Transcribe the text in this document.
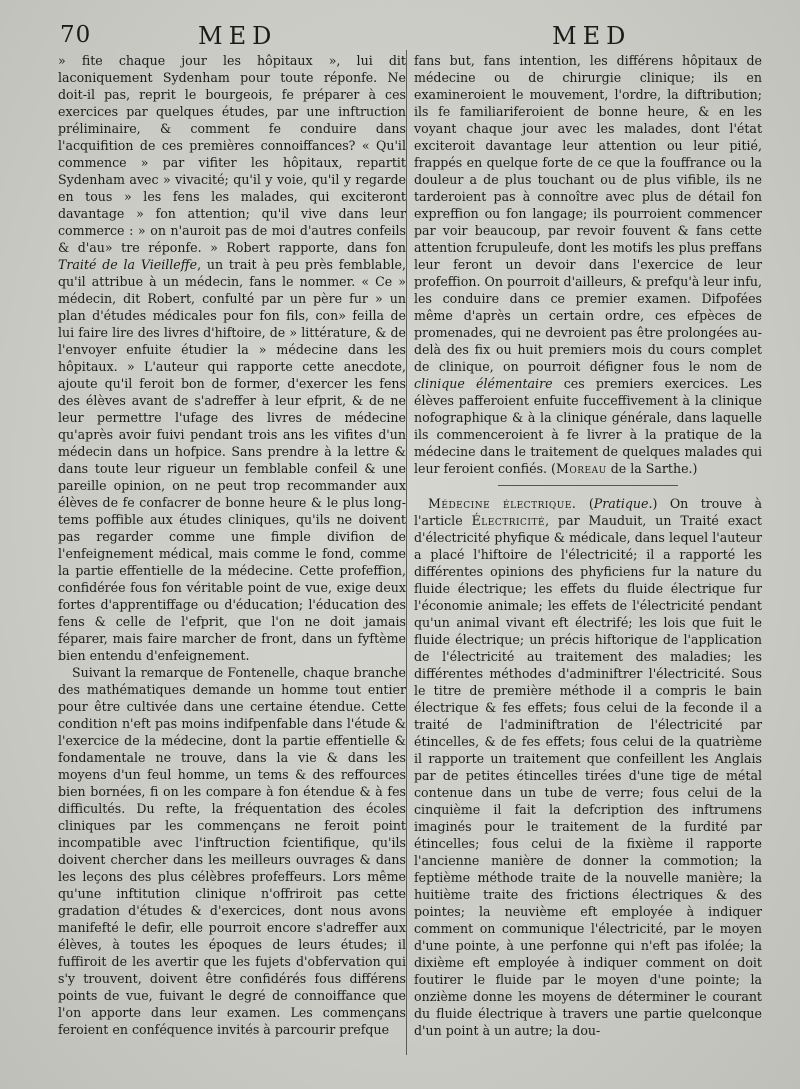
70	MED	MED

» fite chaque jour les hôpitaux », lui dit laconiquement Sydenham pour toute réponfe. Ne doit-il pas, reprit le bourgeois, fe préparer à ces exercices par quelques études, par une inftruction préliminaire, & comment fe conduire dans l'acquifition de ces premières connoiffances? « Qu'il commence » par vifiter les hôpitaux, repartit Sydenham avec » vivacité; qu'il y voie, qu'il y regarde en tous » les fens les malades, qui exciteront davantage » fon attention; qu'il vive dans leur commerce : » on n'auroit pas de moi d'autres confeils & d'au» tre réponfe. » Robert rapporte, dans fon Traité de la Vieilleffe, un trait à peu près femblable, qu'il attribue à un médecin, fans le nommer. « Ce » médecin, dit Robert, confulté par un père fur » un plan d'études médicales pour fon fils, con» feilla de lui faire lire des livres d'hiftoire, de » littérature, & de l'envoyer enfuite étudier la » médecine dans les hôpitaux. » L'auteur qui rapporte cette anecdote, ajoute qu'il feroit bon de former, d'exercer les fens des élèves avant de s'adreffer à leur efprit, & de ne leur permettre l'ufage des livres de médecine qu'après avoir fuivi pendant trois ans les vifites d'un médecin dans un hofpice. Sans prendre à la lettre & dans toute leur rigueur un femblable confeil & une pareille opinion, on ne peut trop recommander aux élèves de fe confacrer de bonne heure & le plus long-tems poffible aux études cliniques, qu'ils ne doivent pas regarder comme une fimple divifion de l'enfeignement médical, mais comme le fond, comme la partie effentielle de la médecine. Cette profeffion, confidérée fous fon véritable point de vue, exige deux fortes d'apprentiffage ou d'éducation; l'éducation des fens & celle de l'efprit, que l'on ne doit jamais féparer, mais faire marcher de front, dans un fyftème bien entendu d'enfeignement.

Suivant la remarque de Fontenelle, chaque branche des mathématiques demande un homme tout entier pour être cultivée dans une certaine étendue. Cette condition n'eft pas moins indifpenfable dans l'étude & l'exercice de la médecine, dont la partie effentielle & fondamentale ne trouve, dans la vie & dans les moyens d'un feul homme, un tems & des reffources bien bornées, fi on les compare à fon étendue & à fes difficultés. Du refte, la fréquentation des écoles cliniques par les commençans ne feroit point incompatible avec l'inftruction fcientifique, qu'ils doivent chercher dans les meilleurs ouvrages & dans les leçons des plus célèbres profeffeurs. Lors même qu'une inftitution clinique n'offriroit pas cette gradation d'études & d'exercices, dont nous avons manifefté le defir, elle pourroit encore s'adreffer aux élèves, à toutes les époques de leurs études; il fuffiroit de les avertir que les fujets d'obfervation qui s'y trouvent, doivent être confidérés fous différens points de vue, fuivant le degré de connoiffance que l'on apporte dans leur examen. Les commençans feroient en conféquence invités à parcourir prefque

fans but, fans intention, les différens hôpitaux de médecine ou de chirurgie clinique; ils en examineroient le mouvement, l'ordre, la diftribution; ils fe familiariferoient de bonne heure, & en les voyant chaque jour avec les malades, dont l'état exciteroit davantage leur attention ou leur pitié, frappés en quelque forte de ce que la fouffrance ou la douleur a de plus touchant ou de plus vifible, ils ne tarderoient pas à connoître avec plus de détail fon expreffion ou fon langage; ils pourroient commencer par voir beaucoup, par revoir fouvent & fans cette attention fcrupuleufe, dont les motifs les plus preffans leur feront un devoir dans l'exercice de leur profeffion. On pourroit d'ailleurs, & prefqu'à leur infu, les conduire dans ce premier examen. Difpofées même d'après un certain ordre, ces efpèces de promenades, qui ne devroient pas être prolongées au-delà des fix ou huit premiers mois du cours complet de clinique, on pourroit défigner fous le nom de clinique élémentaire ces premiers exercices. Les élèves pafferoient enfuite fucceffivement à la clinique nofographique & à la clinique générale, dans laquelle ils commenceroient à fe livrer à la pratique de la médecine dans le traitement de quelques malades qui leur feroient confiés. (Moreau de la Sarthe.)

Médecine électrique. (Pratique.) On trouve à l'article Électricité, par Mauduit, un Traité exact d'électricité phyfique & médicale, dans lequel l'auteur a placé l'hiftoire de l'électricité; il a rapporté les différentes opinions des phyficiens fur la nature du fluide électrique; les effets du fluide électrique fur l'économie animale; les effets de l'électricité pendant qu'un animal vivant eft électrifé; les lois que fuit le fluide électrique; un précis hiftorique de l'application de l'électricité au traitement des maladies; les différentes méthodes d'adminiftrer l'électricité. Sous le titre de première méthode il a compris le bain électrique & fes effets; fous celui de la feconde il a traité de l'adminiftration de l'électricité par étincelles, & de fes effets; fous celui de la quatrième il rapporte un traitement que confeillent les Anglais par de petites étincelles tirées d'une tige de métal contenue dans un tube de verre; fous celui de la cinquième il fait la defcription des inftrumens imaginés pour le traitement de la furdité par étincelles; fous celui de la fixième il rapporte l'ancienne manière de donner la commotion; la feptième méthode traite de la nouvelle manière; la huitième traite des frictions électriques & des pointes; la neuvième eft employée à indiquer comment on communique l'électricité, par le moyen d'une pointe, à une perfonne qui n'eft pas ifolée; la dixième eft employée à indiquer comment on doit foutirer le fluide par le moyen d'une pointe; la onzième donne les moyens de déterminer le courant du fluide électrique à travers une partie quelconque d'un point à un autre; la dou-
